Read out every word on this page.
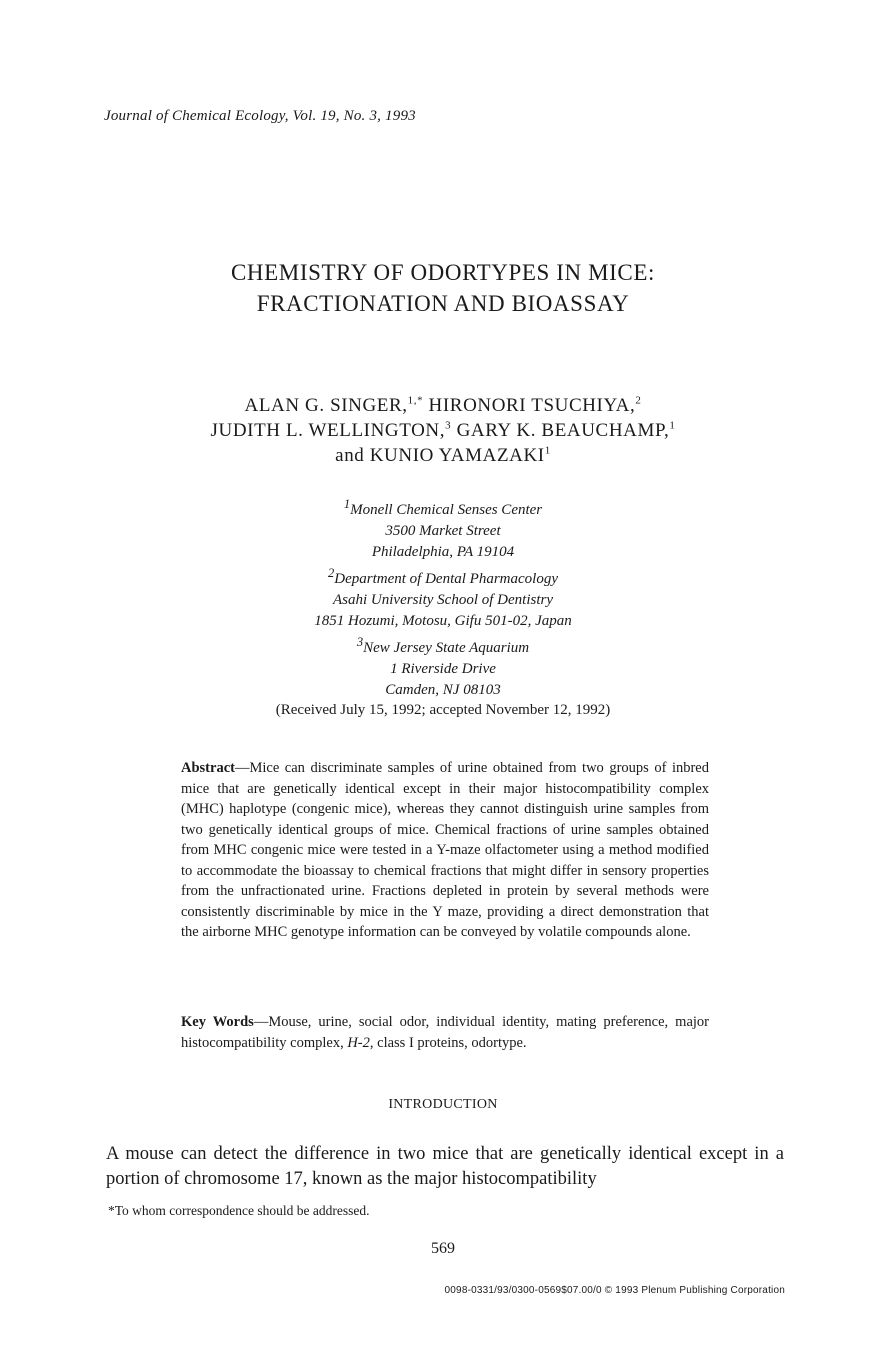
Journal of Chemical Ecology, Vol. 19, No. 3, 1993
CHEMISTRY OF ODORTYPES IN MICE:
FRACTIONATION AND BIOASSAY
ALAN G. SINGER,$^{1,*}$ HIRONORI TSUCHIYA,$^2$
JUDITH L. WELLINGTON,$^3$ GARY K. BEAUCHAMP,$^1$
and KUNIO YAMAZAKI$^1$
$^1$Monell Chemical Senses Center
3500 Market Street
Philadelphia, PA 19104
$^2$Department of Dental Pharmacology
Asahi University School of Dentistry
1851 Hozumi, Motosu, Gifu 501-02, Japan
$^3$New Jersey State Aquarium
1 Riverside Drive
Camden, NJ 08103
(Received July 15, 1992; accepted November 12, 1992)
Abstract—Mice can discriminate samples of urine obtained from two groups of inbred mice that are genetically identical except in their major histocompatibility complex (MHC) haplotype (congenic mice), whereas they cannot distinguish urine samples from two genetically identical groups of mice. Chemical fractions of urine samples obtained from MHC congenic mice were tested in a Y-maze olfactometer using a method modified to accommodate the bioassay to chemical fractions that might differ in sensory properties from the unfractionated urine. Fractions depleted in protein by several methods were consistently discriminable by mice in the Y maze, providing a direct demonstration that the airborne MHC genotype information can be conveyed by volatile compounds alone.
Key Words—Mouse, urine, social odor, individual identity, mating preference, major histocompatibility complex, H-2, class I proteins, odortype.
INTRODUCTION
A mouse can detect the difference in two mice that are genetically identical except in a portion of chromosome 17, known as the major histocompatibility
*To whom correspondence should be addressed.
569
0098-0331/93/0300-0569$07.00/0 © 1993 Plenum Publishing Corporation
